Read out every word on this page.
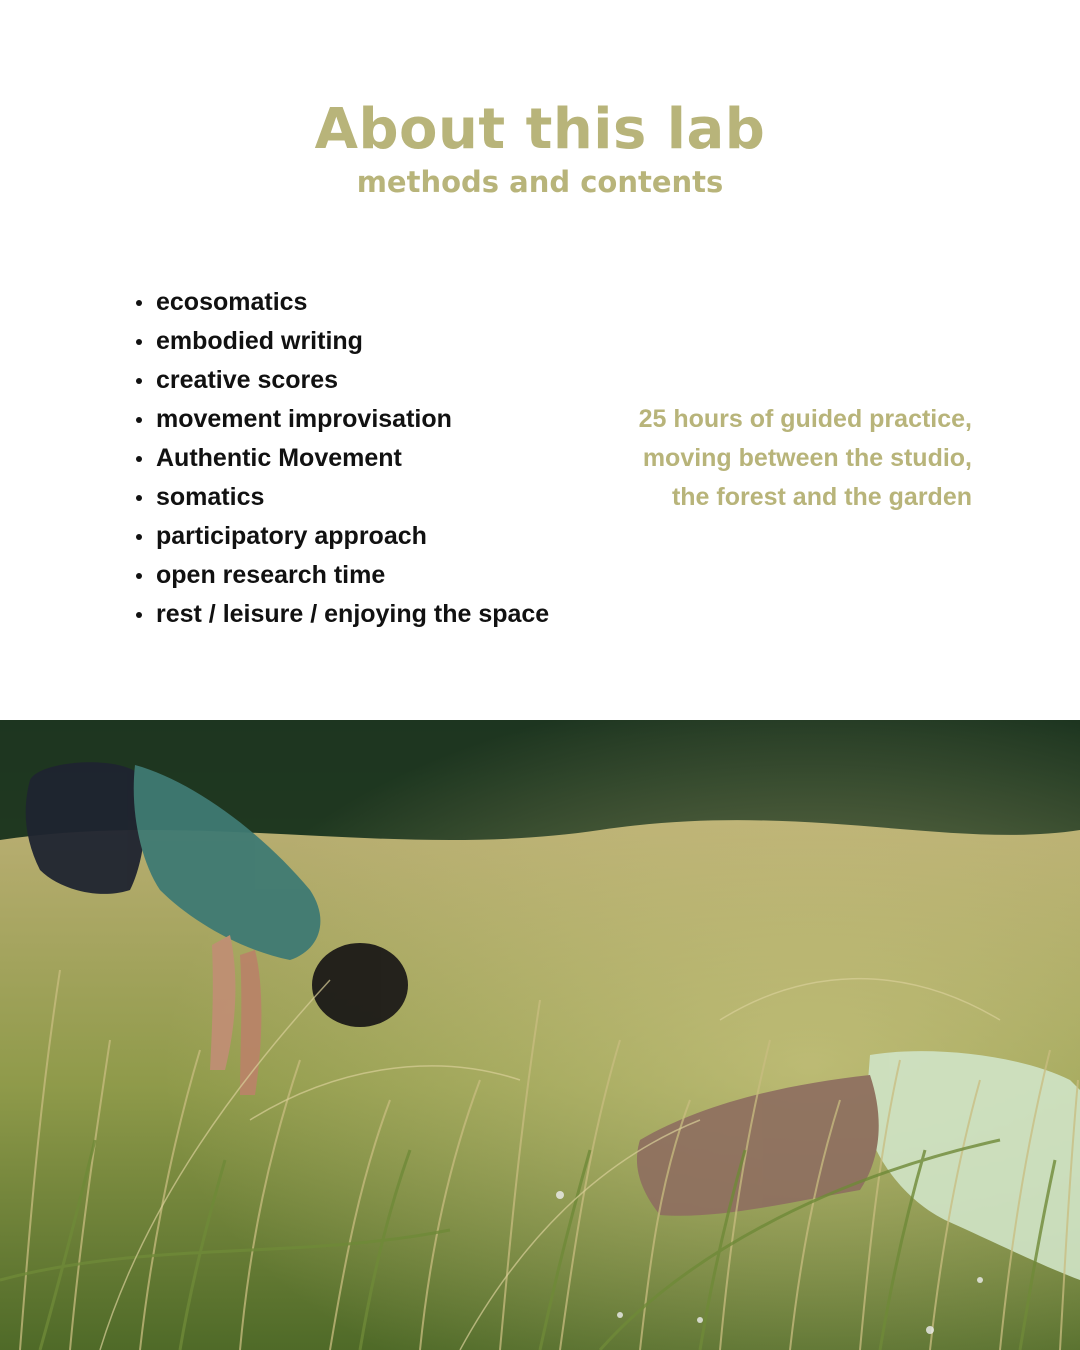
About this lab
methods and contents
ecosomatics
embodied writing
creative scores
movement improvisation
Authentic Movement
somatics
participatory approach
open research time
rest / leisure / enjoying the space
25 hours of guided practice,
moving between the studio,
the forest and the garden
